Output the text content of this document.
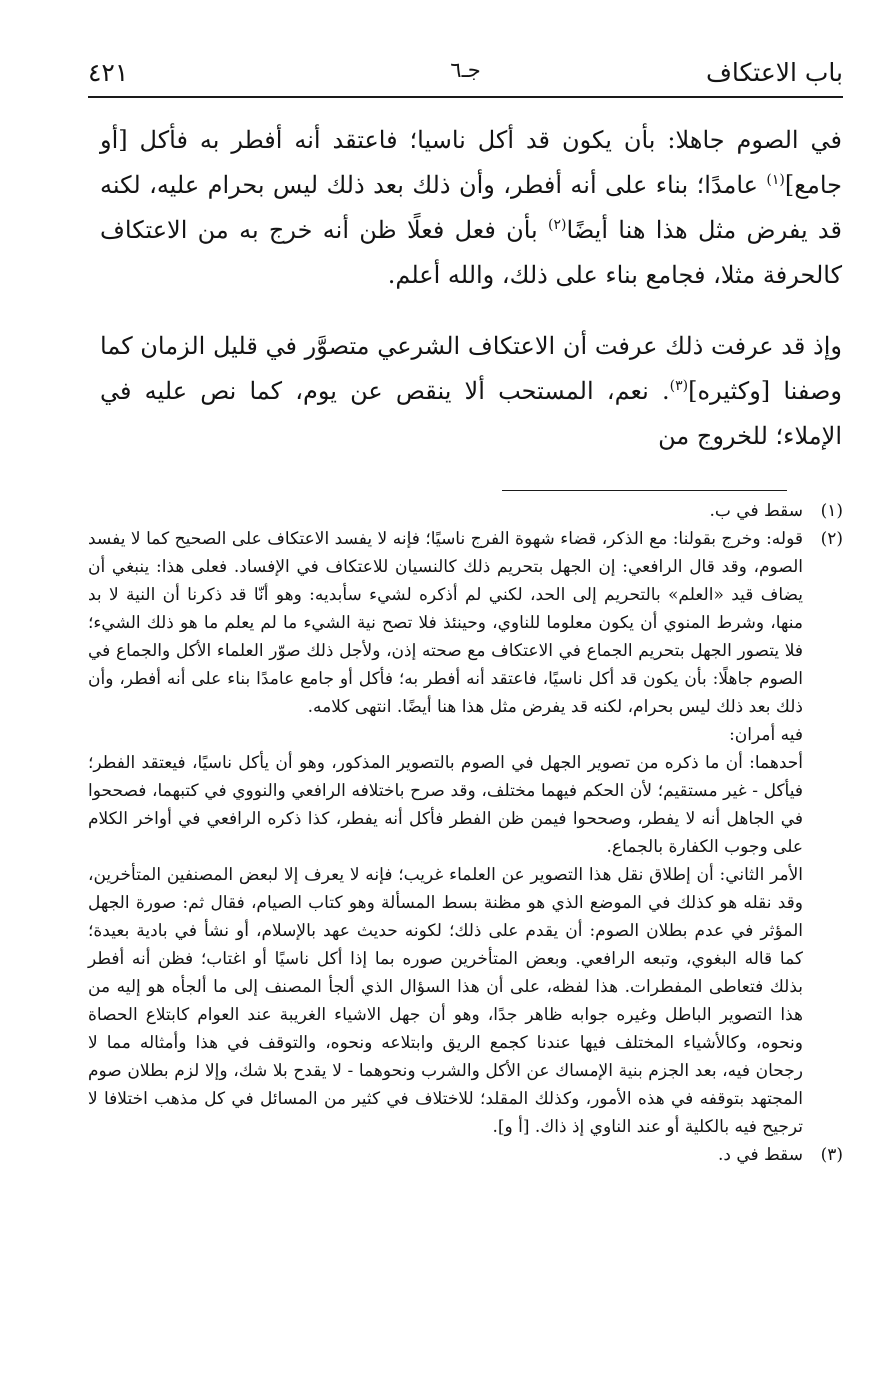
باب الاعتكاف
جـ٦
٤٢١

في الصوم جاهلا: بأن يكون قد أكل ناسيا؛ فاعتقد أنه أفطر به فأكل [أو جامع]$^{(١)}$ عامدًا؛ بناء على أنه أفطر، وأن ذلك بعد ذلك ليس بحرام عليه، لكنه قد يفرض مثل هذا هنا أيضًا$^{(٢)}$ بأن فعل فعلًا ظن أنه خرج به من الاعتكاف كالحرفة مثلا، فجامع بناء على ذلك، والله أعلم.

وإذ قد عرفت ذلك عرفت أن الاعتكاف الشرعي متصوَّر في قليل الزمان كما وصفنا [وكثيره]$^{(٣)}$. نعم، المستحب ألا ينقص عن يوم، كما نص عليه في الإملاء؛ للخروج من

(١)

سقط في ب.

(٢)

قوله: وخرج بقولنا: مع الذكر، قضاء شهوة الفرج ناسيًا؛ فإنه لا يفسد الاعتكاف على الصحيح كما لا يفسد الصوم، وقد قال الرافعي: إن الجهل بتحريم ذلك كالنسيان للاعتكاف في الإفساد. فعلى هذا: ينبغي أن يضاف قيد «العلم» بالتحريم إلى الحد، لكني لم أذكره لشيء سأبديه: وهو أنّا قد ذكرنا أن النية لا بد منها، وشرط المنوي أن يكون معلوما للناوي، وحينئذ فلا تصح نية الشيء ما لم يعلم ما هو ذلك الشيء؛ فلا يتصور الجهل بتحريم الجماع في الاعتكاف مع صحته إذن، ولأجل ذلك صوّر العلماء الأكل والجماع في الصوم جاهلًا: بأن يكون قد أكل ناسيًا، فاعتقد أنه أفطر به؛ فأكل أو جامع عامدًا بناء على أنه أفطر، وأن ذلك بعد ذلك ليس بحرام، لكنه قد يفرض مثل هذا هنا أيضًا. انتهى كلامه.

فيه أمران:

أحدهما: أن ما ذكره من تصوير الجهل في الصوم بالتصوير المذكور، وهو أن يأكل ناسيًا، فيعتقد الفطر؛ فيأكل - غير مستقيم؛ لأن الحكم فيهما مختلف، وقد صرح باختلافه الرافعي والنووي في كتبهما، فصححوا في الجاهل أنه لا يفطر، وصححوا فيمن ظن الفطر فأكل أنه يفطر، كذا ذكره الرافعي في أواخر الكلام على وجوب الكفارة بالجماع.

الأمر الثاني: أن إطلاق نقل هذا التصوير عن العلماء غريب؛ فإنه لا يعرف إلا لبعض المصنفين المتأخرين، وقد نقله هو كذلك في الموضع الذي هو مظنة بسط المسألة وهو كتاب الصيام، فقال ثم: صورة الجهل المؤثر في عدم بطلان الصوم: أن يقدم على ذلك؛ لكونه حديث عهد بالإسلام، أو نشأ في بادية بعيدة؛ كما قاله البغوي، وتبعه الرافعي. وبعض المتأخرين صوره بما إذا أكل ناسيًا أو اغتاب؛ فظن أنه أفطر بذلك فتعاطى المفطرات. هذا لفظه، على أن هذا السؤال الذي ألجأ المصنف إلى ما ألجأه هو إليه من هذا التصوير الباطل وغيره جوابه ظاهر جدًا، وهو أن جهل الاشياء الغريبة عند العوام كابتلاع الحصاة ونحوه، وكالأشياء المختلف فيها عندنا كجمع الريق وابتلاعه ونحوه، والتوقف في هذا وأمثاله مما لا رجحان فيه، بعد الجزم بنية الإمساك عن الأكل والشرب ونحوهما - لا يقدح بلا شك، وإلا لزم بطلان صوم المجتهد بتوقفه في هذه الأمور، وكذلك المقلد؛ للاختلاف في كثير من المسائل في كل مذهب اختلافا لا ترجيح فيه بالكلية أو عند الناوي إذ ذاك. [أ و].

(٣)

سقط في د.
